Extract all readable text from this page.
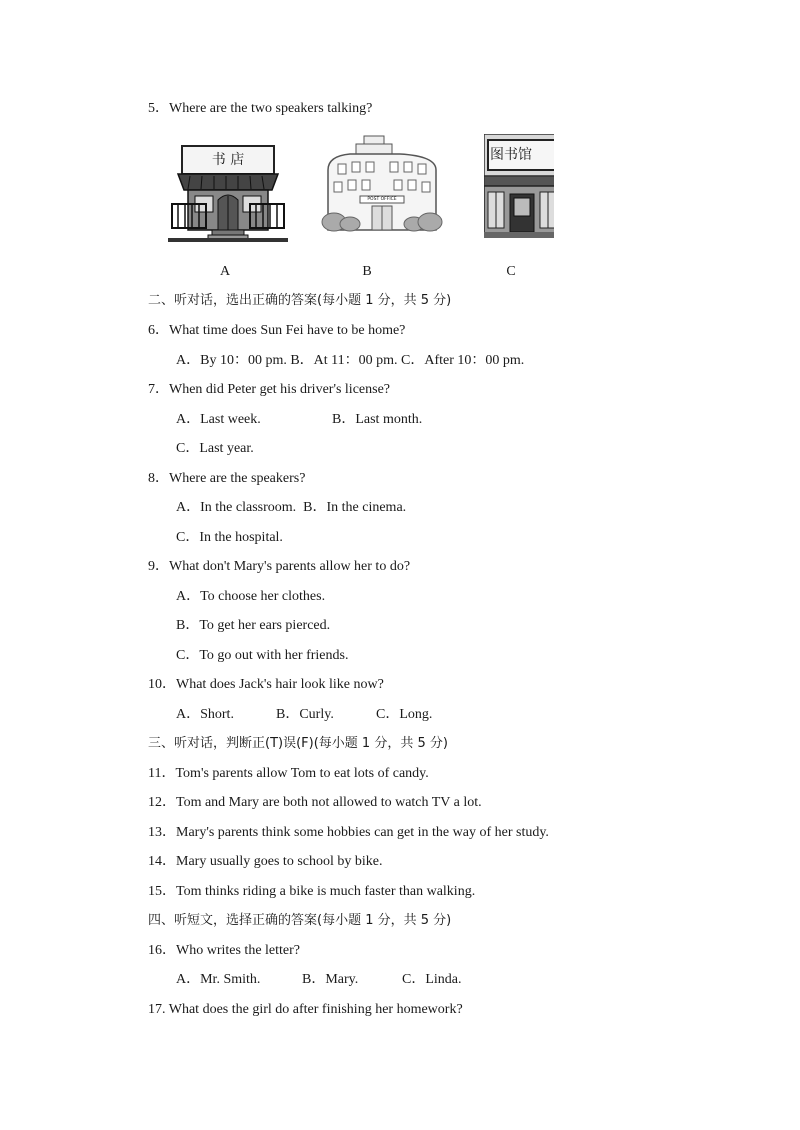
5．Where are the two speakers talking?
书 店
POST OFFICE
图书馆
A	B	C
二、听对话，选出正确的答案(每小题 1 分，共 5 分)
6．What time does Sun Fei have to be home?
A．By 10：00 pm. B．At 11：00 pm. C．After 10：00 pm.
7．When did Peter get his driver's license?
A．Last week.	B．Last month.
C．Last year.
8．Where are the speakers?
A．In the classroom.  B．In the cinema.
C．In the hospital.
9．What don't Mary's parents allow her to do?
A．To choose her clothes.
B．To get her ears pierced.
C．To go out with her friends.
10．What does Jack's hair look like now?
A．Short.	B．Curly.	C．Long.
三、听对话，判断正(T)误(F)(每小题 1 分，共 5 分)
11．Tom's parents allow Tom to eat lots of candy.
12．Tom and Mary are both not allowed to watch TV a lot.
13．Mary's parents think some hobbies can get in the way of her study.
14．Mary usually goes to school by bike.
15．Tom thinks riding a bike is much faster than walking.
四、听短文，选择正确的答案(每小题 1 分，共 5 分)
16．Who writes the letter?
A．Mr. Smith.	B．Mary.	C．Linda.
17. What does the girl do after finishing her homework?
